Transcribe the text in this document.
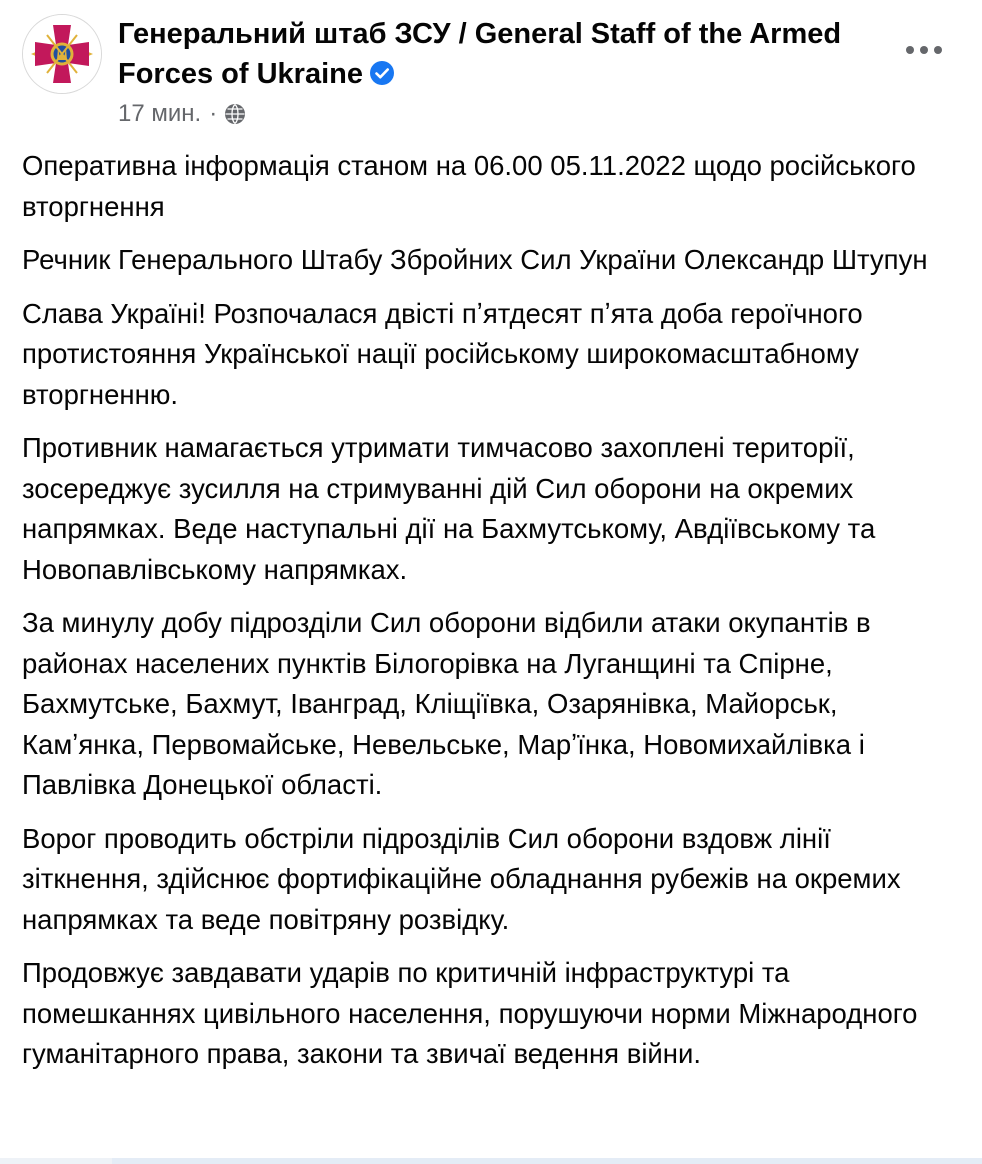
Генеральний штаб ЗСУ / General Staff of the Armed Forces of Ukraine
17 мин. ·

Оперативна інформація станом на 06.00 05.11.2022 щодо російського вторгнення

Речник Генерального Штабу Збройних Сил України Олександр Штупун

Слава Україні! Розпочалася двісті пʼятдесят пʼята доба героїчного протистояння Української нації російському широкомасштабному вторгненню.

Противник намагається утримати тимчасово захоплені території, зосереджує зусилля на стримуванні дій Сил оборони на окремих напрямках. Веде наступальні дії на Бахмутському, Авдіївському та Новопавлівському напрямках.

За минулу добу підрозділи Сил оборони відбили атаки окупантів в районах населених пунктів Білогорівка на Луганщині та Спірне, Бахмутське, Бахмут, Іванград, Кліщіївка, Озарянівка, Майорськ, Камʼянка, Первомайське, Невельське, Марʼїнка, Новомихайлівка і Павлівка Донецької області.

Ворог проводить обстріли підрозділів Сил оборони вздовж лінії зіткнення, здійснює фортифікаційне обладнання рубежів на окремих напрямках та веде повітряну розвідку.

Продовжує завдавати ударів по критичній інфраструктурі та помешканнях цивільного населення, порушуючи норми Міжнародного гуманітарного права, закони та звичаї ведення війни.
